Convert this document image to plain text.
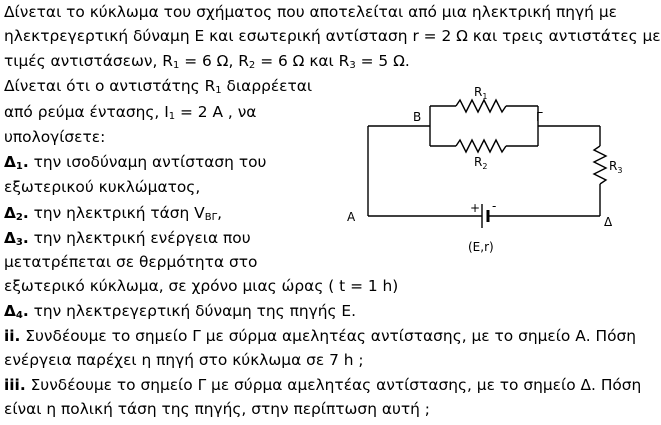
Δίνεται το κύκλωμα του σχήματος που αποτελείται από μια ηλεκτρική πηγή με
ηλεκτρεγερτική δύναμη Ε και εσωτερική αντίσταση r = 2 Ω και τρεις αντιστάτες με
τιμές αντιστάσεων, $R_1 = 6$ Ω, $R_2 = 6$ Ω και $R_3 = 5$ Ω.
Δίνεται ότι ο αντιστάτης $R_1$ διαρρέεται
από ρεύμα έντασης, $I_1 = 2$ A , να
υπολογίσετε:
$\Delta_1$. την ισοδύναμη αντίσταση του
εξωτερικού κυκλώματος,
$\Delta_2$. την ηλεκτρική τάση $V_{B\Gamma}$,
$\Delta_3$. την ηλεκτρική ενέργεια που
μετατρέπεται σε θερμότητα στο
εξωτερικό κύκλωμα, σε χρόνο μιας ώρας ( t = 1 h)
$\Delta_4$. την ηλεκτρεγερτική δύναμη της πηγής Ε.
ii. Συνδέουμε το σημείο Γ με σύρμα αμελητέας αντίστασης, με το σημείο Α. Πόση
ενέργεια παρέχει η πηγή στο κύκλωμα σε 7 h ;
iii. Συνδέουμε το σημείο Γ με σύρμα αμελητέας αντίστασης, με το σημείο Δ. Πόση
είναι η πολική τάση της πηγής, στην περίπτωση αυτή ;
$R_1$
$R_2$	$R_3$
Β	Γ
Α	Δ
+ -
(E,r)
